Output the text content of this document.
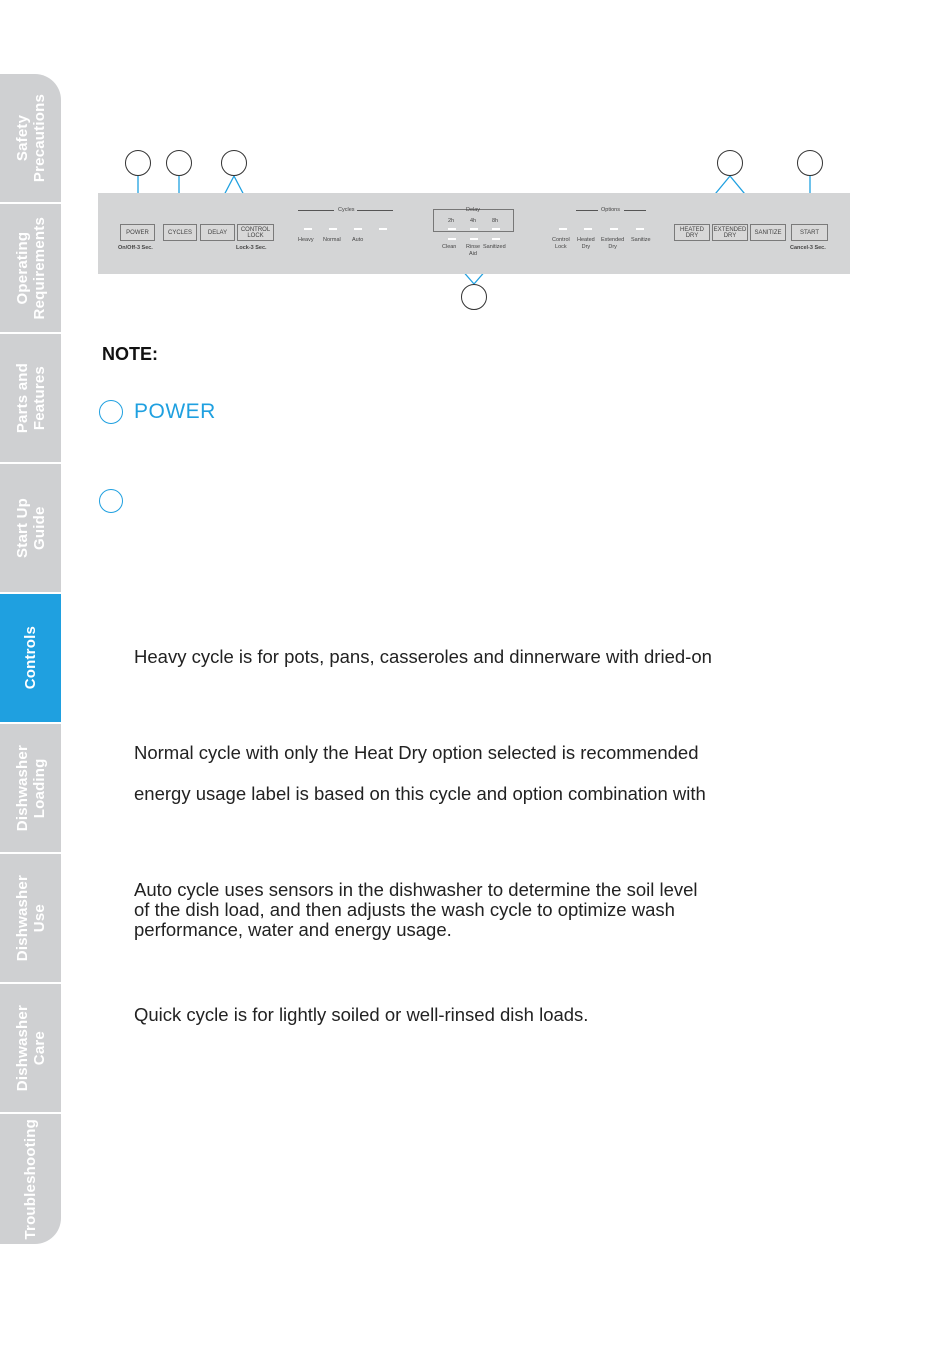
Safety
Precautions
Operating
Requirements
Parts and
Features
Start Up
Guide
Controls
Dishwasher
Loading
Dishwasher
Use
Dishwasher
Care
Troubleshooting
POWER
On/Off-3 Sec.
CYCLES	DELAY	CONTROL
LOCK
Lock-3 Sec.
Cycles
Heavy Normal Auto
Delay
2h	4h	8h
Clean Rinse
Aid
Sanitized
Options
Control
Lock
Heated
Dry
Extended
Dry
Sanitize
HEATED
DRY
EXTENDED
DRY	SANITIZE	START
Cancel-3 Sec.
NOTE:
POWER
Heavy cycle is for pots, pans, casseroles and dinnerware with dried-on
Normal cycle with only the Heat Dry option selected is recommended
energy usage label is based on this cycle and option combination with
Auto cycle uses sensors in the dishwasher to determine the soil level
of the dish load, and then adjusts the wash cycle to optimize wash
performance, water and energy usage.
Quick cycle is for lightly soiled or well-rinsed dish loads.
